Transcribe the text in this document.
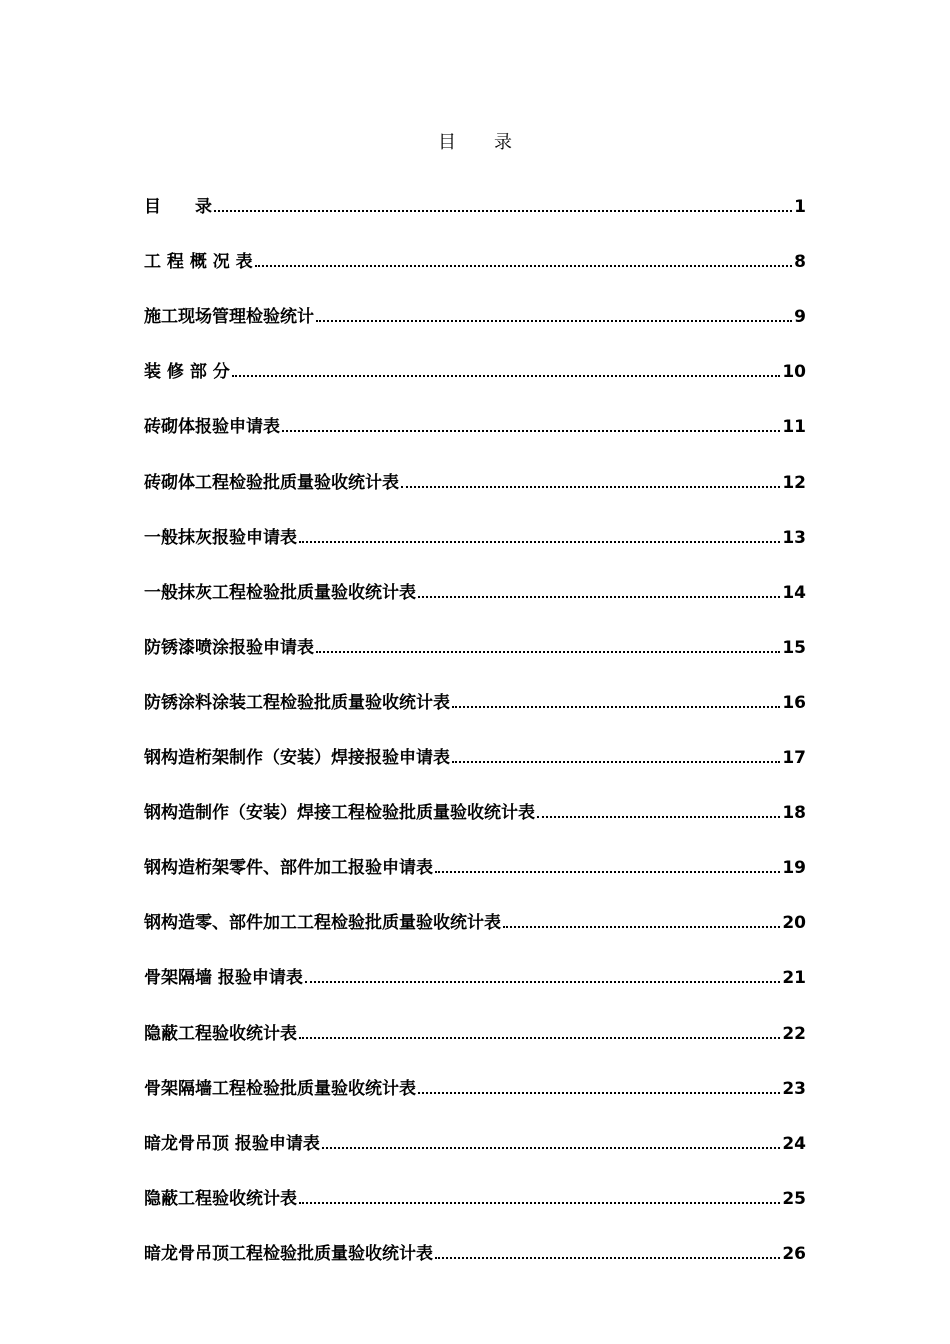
目 录
目　　录	1
工 程 概 况 表	8
施工现场管理检验统计	9
装 修 部 分	10
砖砌体报验申请表	11
砖砌体工程检验批质量验收统计表	12
一般抹灰报验申请表	13
一般抹灰工程检验批质量验收统计表	14
防锈漆喷涂报验申请表	15
防锈涂料涂装工程检验批质量验收统计表	16
钢构造桁架制作（安装）焊接报验申请表	17
钢构造制作（安装）焊接工程检验批质量验收统计表	18
钢构造桁架零件、部件加工报验申请表	19
钢构造零、部件加工工程检验批质量验收统计表	20
骨架隔墙 报验申请表	21
隐蔽工程验收统计表	22
骨架隔墙工程检验批质量验收统计表	23
暗龙骨吊顶 报验申请表	24
隐蔽工程验收统计表	25
暗龙骨吊顶工程检验批质量验收统计表	26
